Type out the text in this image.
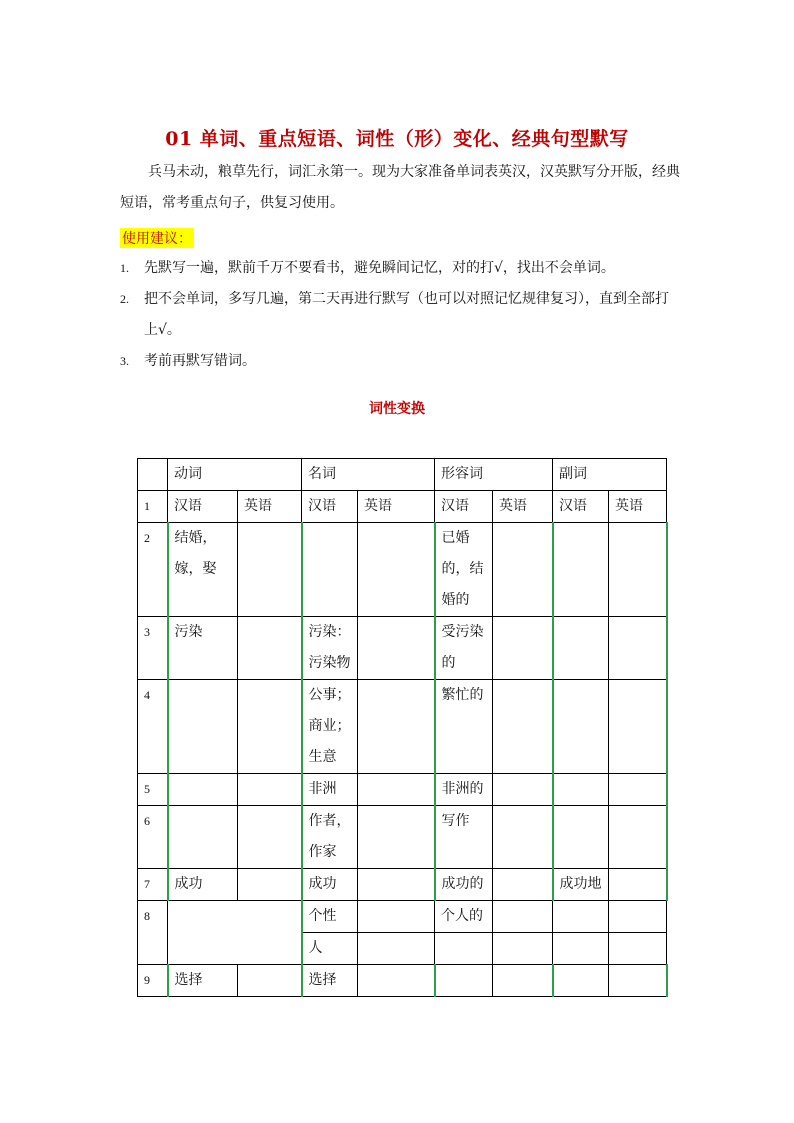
01 单词、重点短语、词性（形）变化、经典句型默写
兵马未动，粮草先行，词汇永第一。现为大家准备单词表英汉，汉英默写分开版，经典短语，常考重点句子，供复习使用。
使用建议：
1. 先默写一遍，默前千万不要看书，避免瞬间记忆，对的打√，找出不会单词。
2. 把不会单词，多写几遍，第二天再进行默写（也可以对照记忆规律复习），直到全部打上√。
3. 考前再默写错词。
词性变换
	动词		名词		形容词		副词	
1	汉语	英语	汉语	英语	汉语	英语	汉语	英语
2	结婚，嫁，娶				已婚的，结婚的			
3	污染		污染：污染物		受污染的			
4			公事；商业；生意		繁忙的			
5			非洲		非洲的			
6			作者，作家		写作			
7	成功		成功		成功的		成功地	
8			个性		个人的			
			人					
9	选择		选择					
